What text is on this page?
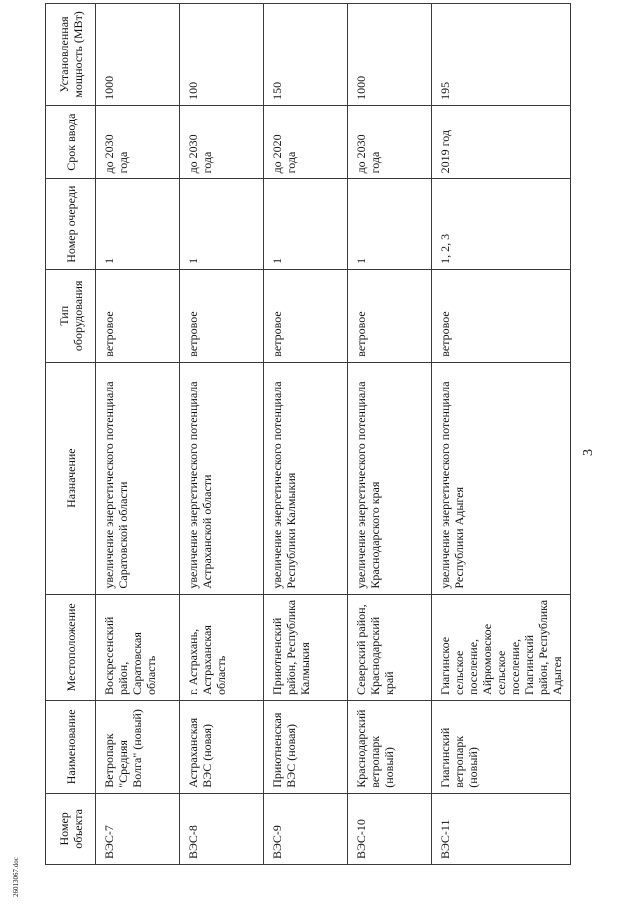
3
Номер объекта	Наименование	Местоположение	Назначение	Тип оборудования	Номер очереди	Срок ввода	Установленная мощность (МВт)
ВЭС-7	Ветропарк "Средняя Волга" (новый)	Воскресенский район, Саратовская область	увеличение энергетического потенциала Саратовской области	ветровое	1	до 2030 года	1000
ВЭС-8	Астраханская ВЭС (новая)	г. Астрахань, Астраханская область	увеличение энергетического потенциала Астраханской области	ветровое	1	до 2030 года	100
ВЭС-9	Приютненская ВЭС (новая)	Приютненский район, Республика Калмыкия	увеличение энергетического потенциала Республики Калмыкия	ветровое	1	до 2020 года	150
ВЭС-10	Краснодарский ветропарк (новый)	Северский район, Краснодарский край	увеличение энергетического потенциала Краснодарского края	ветровое	1	до 2030 года	1000
ВЭС-11	Гиагинский ветропарк (новый)	Гиагинское сельское поселение, Айрюмовское сельское поселение, Гиагинский район, Республика Адыгея	увеличение энергетического потенциала Республики Адыгея	ветровое	1, 2, 3	2019 год	195
26013067.doc
